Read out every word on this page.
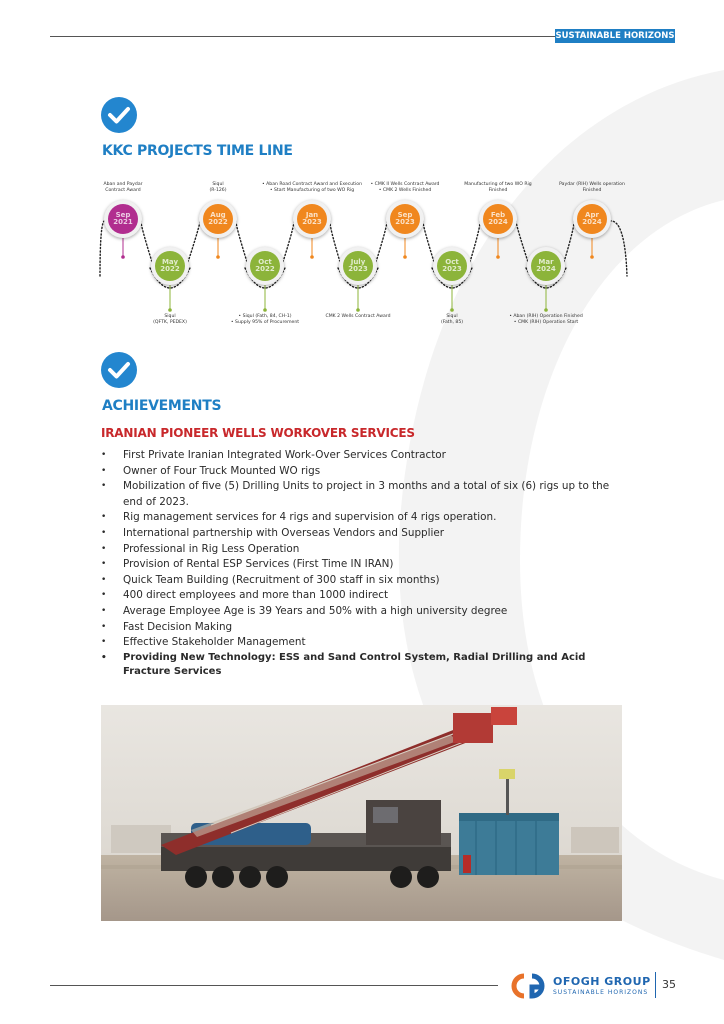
SUSTAINABLE HORIZONS
KKC PROJECTS TIME LINE
Sep
2021
Aban and Paydar
Contract Award
Aug
2022
Siqul
(R-126)
Jan
2023
• Aban Road Contract Award and Execution
• Start Manufacturing of two WO Rig
Sep
2023
• CMK II Wells Contract Award
• CMK 2 Wells Finished
Feb
2024
Manufacturing of two WO Rig
Finished
Apr
2024
Paydar (RIH) Wells operation
Finished
May
2022
Siqul
(QFTK, PEDEX)
Oct
2022
• Siqul (Fath, 84, CH-1)
• Supply 95% of Procurement
July
2023
CMK 2 Wells Contract Award
Oct
2023
Siqul
(Fath, 85)
Mar
2024
• Aban (RIH) Operation Finished
• CMK (RIH) Operation Start
ACHIEVEMENTS
IRANIAN PIONEER WELLS WORKOVER SERVICES
• First Private Iranian Integrated Work-Over Services Contractor
• Owner of Four Truck Mounted WO rigs
• Mobilization of five (5) Drilling Units to project in 3 months and a total of six (6) rigs up to the end of 2023.
• Rig management services for 4 rigs and supervision of 4 rigs operation.
• International partnership with Overseas Vendors and Supplier
• Professional in Rig Less Operation
• Provision of Rental ESP Services (First Time IN IRAN)
• Quick Team Building (Recruitment of 300 staff in six months)
• 400 direct employees and more than 1000 indirect
• Average Employee Age is 39 Years and 50% with a high university degree
• Fast Decision Making
• Effective Stakeholder Management
• Providing New Technology: ESS and Sand Control System, Radial Drilling and Acid Fracture Services
OFOGH GROUP
SUSTAINABLE HORIZONS
35
